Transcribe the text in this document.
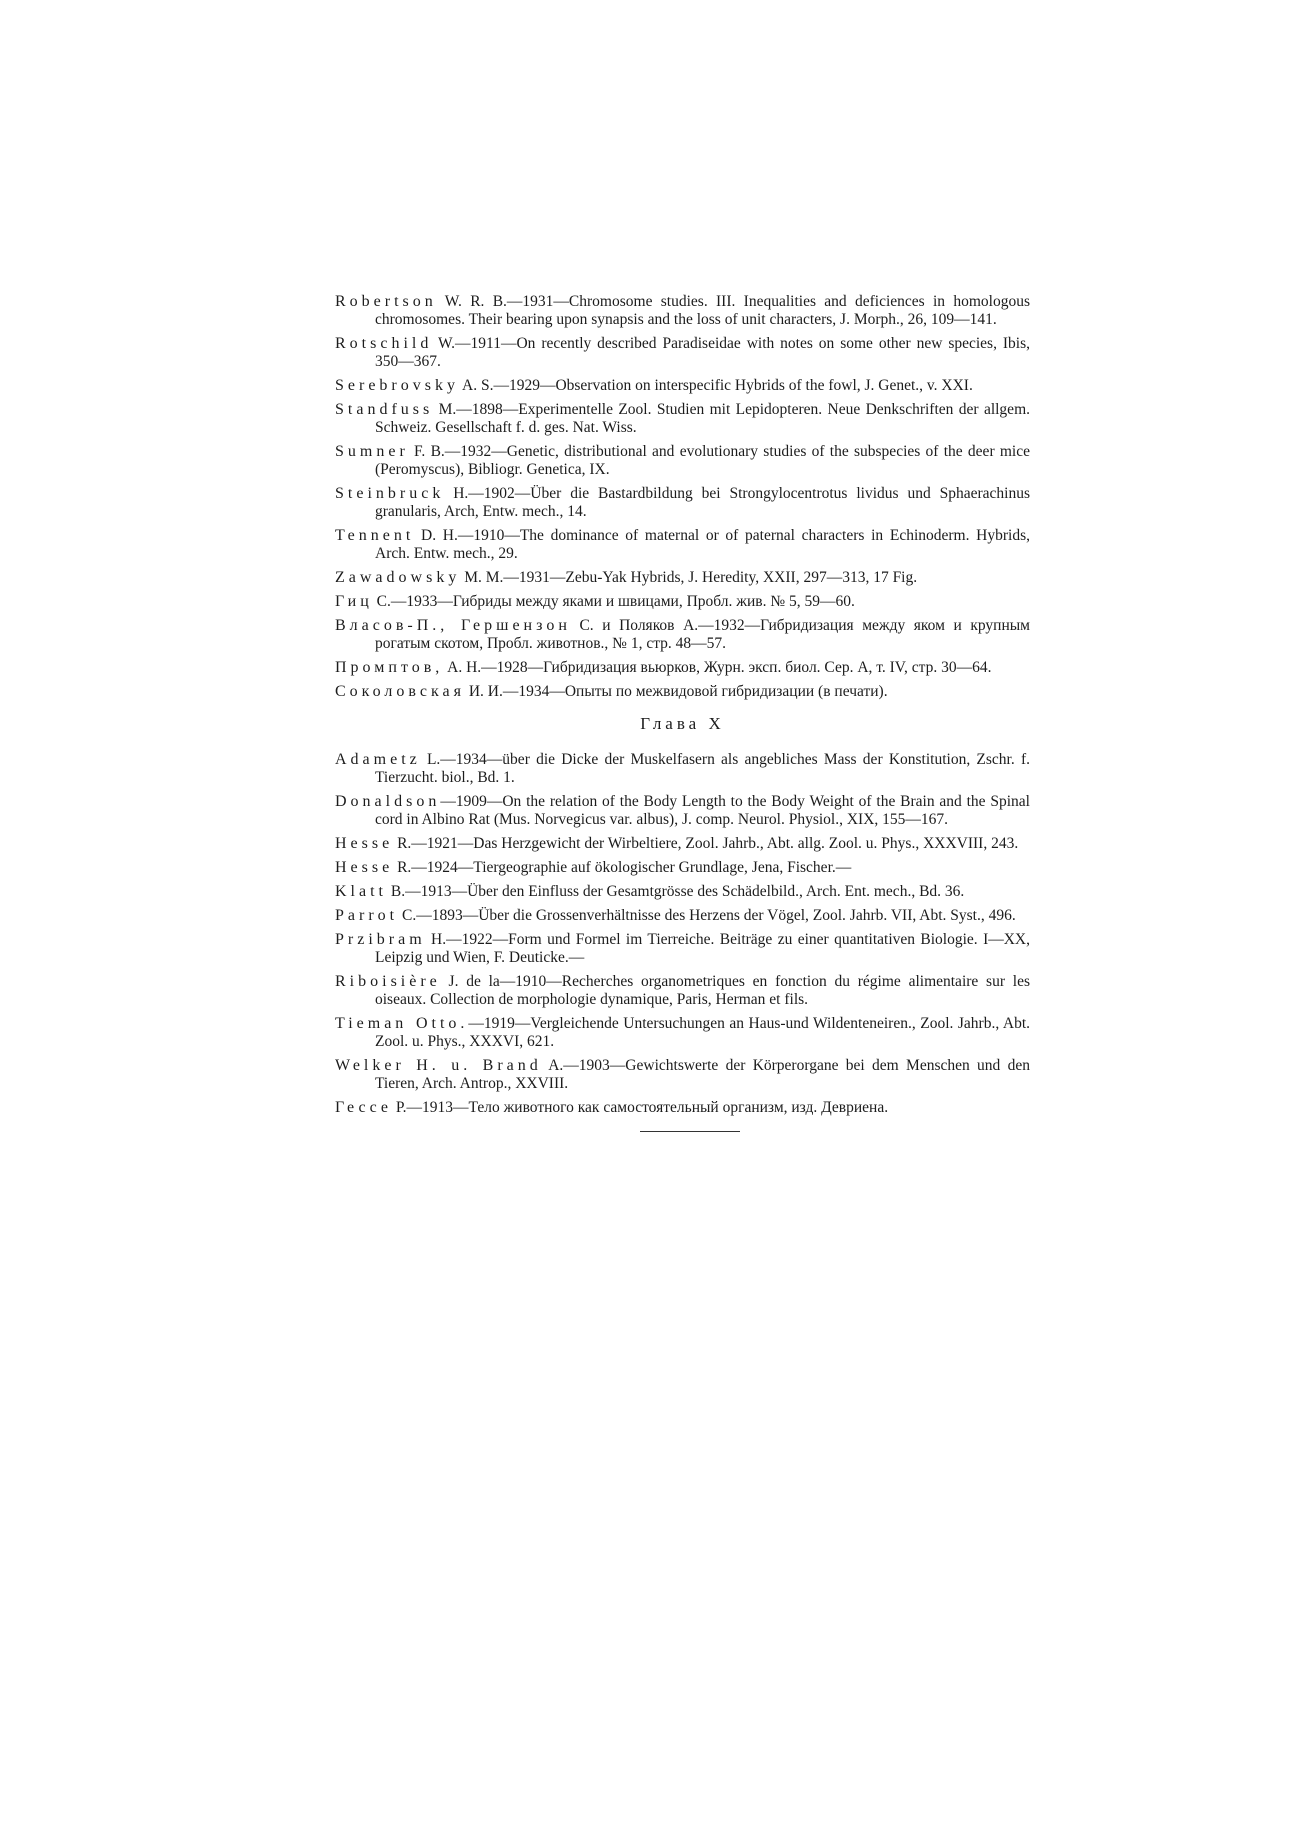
Robertson W. R. B.—1931—Chromosome studies. III. Inequalities and deficiences in homologous chromosomes. Their bearing upon synapsis and the loss of unit characters, J. Morph., 26, 109—141.

Rotschild W.—1911—On recently described Paradiseidae with notes on some other new species, Ibis, 350—367.

Serebrovsky A. S.—1929—Observation on interspecific Hybrids of the fowl, J. Genet., v. XXI.

Standfuss M.—1898—Experimentelle Zool. Studien mit Lepidopteren. Neue Denkschriften der allgem. Schweiz. Gesellschaft f. d. ges. Nat. Wiss.

Sumner F. B.—1932—Genetic, distributional and evolutionary studies of the subspecies of the deer mice (Peromyscus), Bibliogr. Genetica, IX.

Steinbruck H.—1902—Über die Bastardbildung bei Strongylocentrotus lividus und Sphaerachinus granularis, Arch, Entw. mech., 14.

Tennent D. H.—1910—The dominance of maternal or of paternal characters in Echinoderm. Hybrids, Arch. Entw. mech., 29.

Zawadowsky M. M.—1931—Zebu-Yak Hybrids, J. Heredity, XXII, 297—313, 17 Fig.

Гиц С.—1933—Гибриды между яками и швицами, Пробл. жив. № 5, 59—60.

Власов-П., Гершензон С. и Поляков А.—1932—Гибридизация между яком и крупным рогатым скотом, Пробл. животнов., № 1, стр. 48—57.

Промптов, А. Н.—1928—Гибридизация вьюрков, Журн. эксп. биол. Сер. А, т. IV, стр. 30—64.

Соколовская И. И.—1934—Опыты по межвидовой гибридизации (в печати).

Глава X

Adametz L.—1934—über die Dicke der Muskelfasern als angebliches Mass der Konstitution, Zschr. f. Tierzucht. biol., Bd. 1.

Donaldson—1909—On the relation of the Body Length to the Body Weight of the Brain and the Spinal cord in Albino Rat (Mus. Norvegicus var. albus), J. comp. Neurol. Physiol., XIX, 155—167.

Hesse R.—1921—Das Herzgewicht der Wirbeltiere, Zool. Jahrb., Abt. allg. Zool. u. Phys., XXXVIII, 243.

Hesse R.—1924—Tiergeographie auf ökologischer Grundlage, Jena, Fischer.—

Klatt B.—1913—Über den Einfluss der Gesamtgrösse des Schädelbild., Arch. Ent. mech., Bd. 36.

Parrot C.—1893—Über die Grossenverhältnisse des Herzens der Vögel, Zool. Jahrb. VII, Abt. Syst., 496.

Przibram H.—1922—Form und Formel im Tierreiche. Beiträge zu einer quantitativen Biologie. I—XX, Leipzig und Wien, F. Deuticke.—

Riboisière J. de la—1910—Recherches organometriques en fonction du régime alimentaire sur les oiseaux. Collection de morphologie dynamique, Paris, Herman et fils.

Tieman Otto.—1919—Vergleichende Untersuchungen an Haus-und Wildenteneiren., Zool. Jahrb., Abt. Zool. u. Phys., XXXVI, 621.

Welker H. u. Brand A.—1903—Gewichtswerte der Körperorgane bei dem Menschen und den Tieren, Arch. Antrop., XXVIII.

Гессе Р.—1913—Тело животного как самостоятельный организм, изд. Девриена.
